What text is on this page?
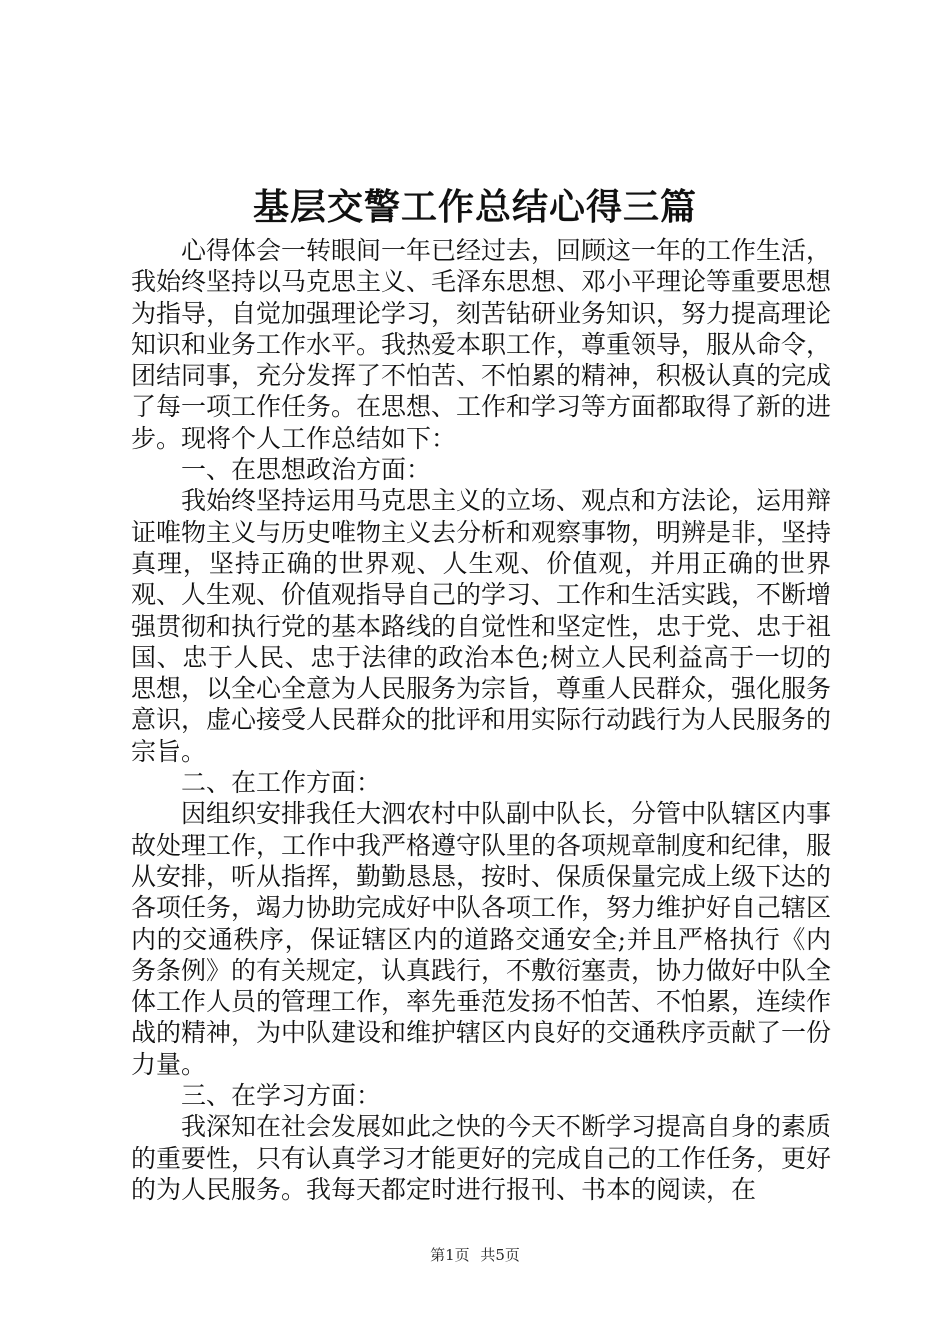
基层交警工作总结心得三篇

心得体会一转眼间一年已经过去，回顾这一年的工作生活，我始终坚持以马克思主义、毛泽东思想、邓小平理论等重要思想为指导，自觉加强理论学习，刻苦钻研业务知识，努力提高理论知识和业务工作水平。我热爱本职工作，尊重领导，服从命令，团结同事，充分发挥了不怕苦、不怕累的精神，积极认真的完成了每一项工作任务。在思想、工作和学习等方面都取得了新的进步。现将个人工作总结如下：

一、在思想政治方面：

我始终坚持运用马克思主义的立场、观点和方法论，运用辩证唯物主义与历史唯物主义去分析和观察事物，明辨是非，坚持真理，坚持正确的世界观、人生观、价值观，并用正确的世界观、人生观、价值观指导自己的学习、工作和生活实践，不断增强贯彻和执行党的基本路线的自觉性和坚定性，忠于党、忠于祖国、忠于人民、忠于法律的政治本色;树立人民利益高于一切的思想，以全心全意为人民服务为宗旨，尊重人民群众，强化服务意识，虚心接受人民群众的批评和用实际行动践行为人民服务的宗旨。

二、在工作方面：

因组织安排我任大泗农村中队副中队长，分管中队辖区内事故处理工作，工作中我严格遵守队里的各项规章制度和纪律，服从安排，听从指挥，勤勤恳恳，按时、保质保量完成上级下达的各项任务，竭力协助完成好中队各项工作，努力维护好自己辖区内的交通秩序，保证辖区内的道路交通安全;并且严格执行《内务条例》的有关规定，认真践行，不敷衍塞责，协力做好中队全体工作人员的管理工作，率先垂范发扬不怕苦、不怕累，连续作战的精神，为中队建设和维护辖区内良好的交通秩序贡献了一份力量。

三、在学习方面：

我深知在社会发展如此之快的今天不断学习提高自身的素质的重要性，只有认真学习才能更好的完成自己的工作任务，更好的为人民服务。我每天都定时进行报刊、书本的阅读，在

第1页 共5页
